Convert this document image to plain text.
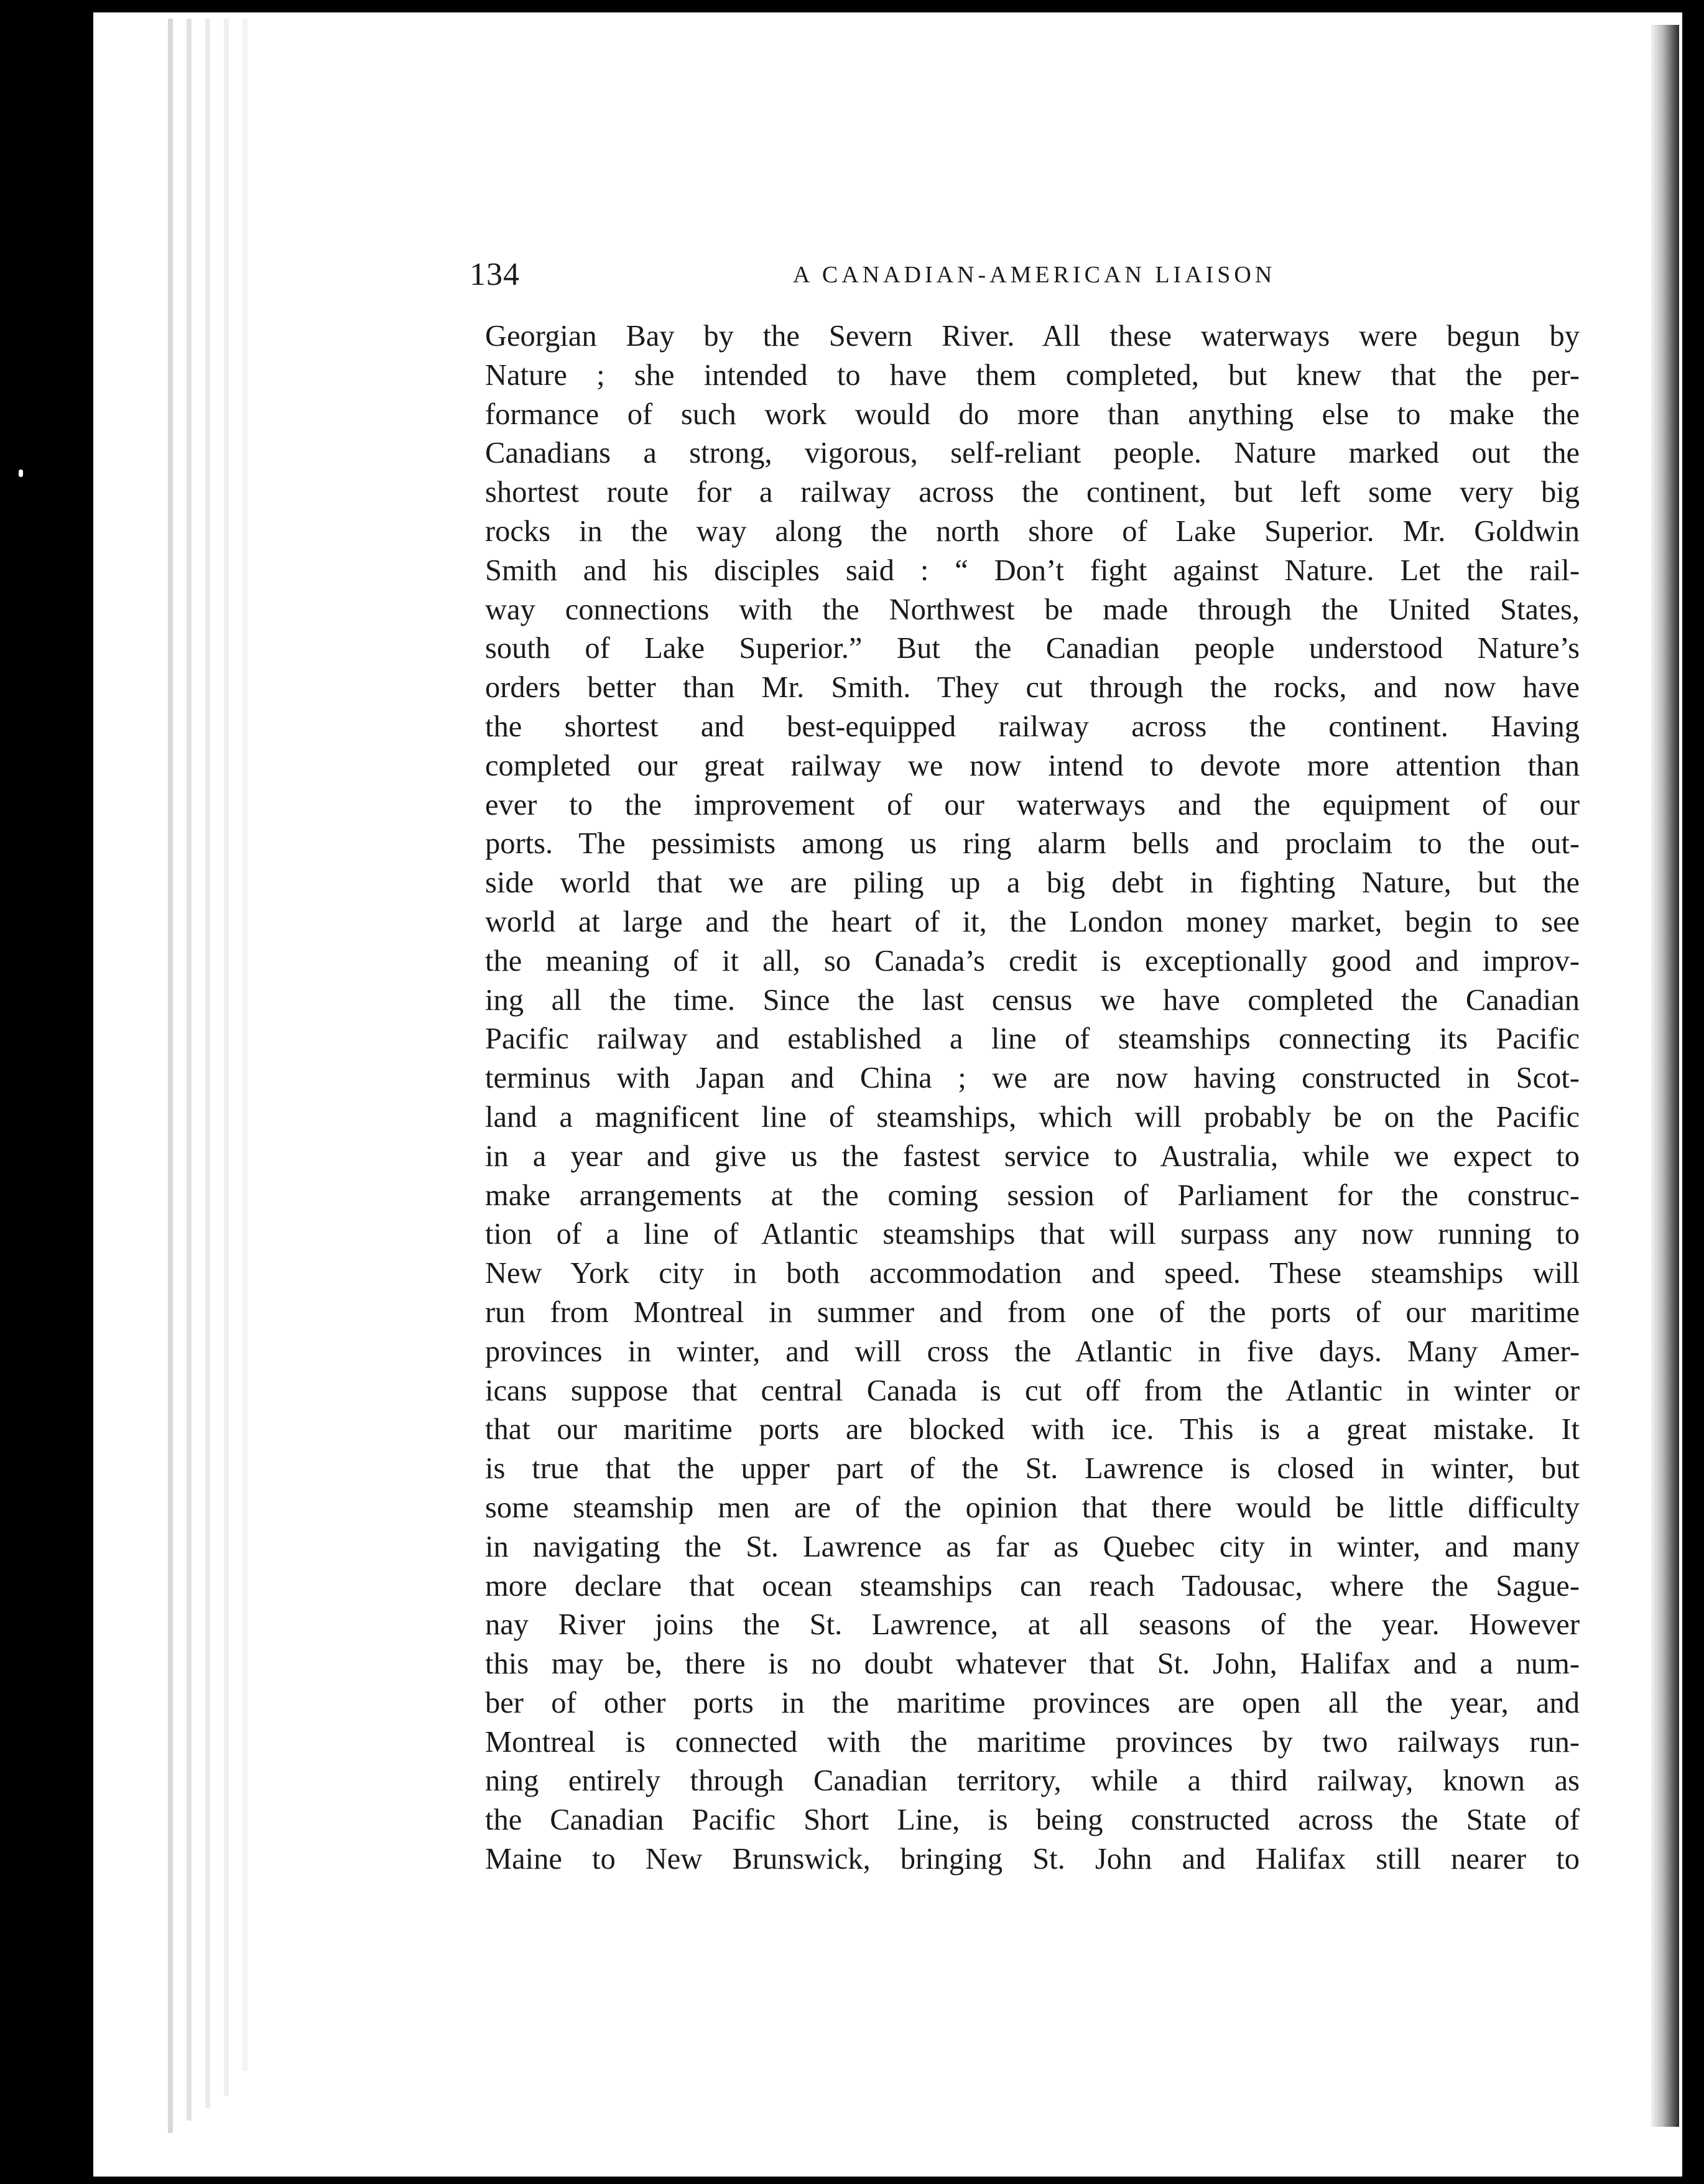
134	A CANADIAN-AMERICAN LIAISON
Georgian Bay by the Severn River. All these waterways were begun by
Nature ; she intended to have them completed, but knew that the per-
formance of such work would do more than anything else to make the
Canadians a strong, vigorous, self-reliant people. Nature marked out the
shortest route for a railway across the continent, but left some very big
rocks in the way along the north shore of Lake Superior. Mr. Goldwin
Smith and his disciples said : “ Don’t fight against Nature. Let the rail-
way connections with the Northwest be made through the United States,
south of Lake Superior.” But the Canadian people understood Nature’s
orders better than Mr. Smith. They cut through the rocks, and now have
the shortest and best-equipped railway across the continent. Having
completed our great railway we now intend to devote more attention than
ever to the improvement of our waterways and the equipment of our
ports. The pessimists among us ring alarm bells and proclaim to the out-
side world that we are piling up a big debt in fighting Nature, but the
world at large and the heart of it, the London money market, begin to see
the meaning of it all, so Canada’s credit is exceptionally good and improv-
ing all the time. Since the last census we have completed the Canadian
Pacific railway and established a line of steamships connecting its Pacific
terminus with Japan and China ; we are now having constructed in Scot-
land a magnificent line of steamships, which will probably be on the Pacific
in a year and give us the fastest service to Australia, while we expect to
make arrangements at the coming session of Parliament for the construc-
tion of a line of Atlantic steamships that will surpass any now running to
New York city in both accommodation and speed. These steamships will
run from Montreal in summer and from one of the ports of our maritime
provinces in winter, and will cross the Atlantic in five days. Many Amer-
icans suppose that central Canada is cut off from the Atlantic in winter or
that our maritime ports are blocked with ice. This is a great mistake. It
is true that the upper part of the St. Lawrence is closed in winter, but
some steamship men are of the opinion that there would be little difficulty
in navigating the St. Lawrence as far as Quebec city in winter, and many
more declare that ocean steamships can reach Tadousac, where the Sague-
nay River joins the St. Lawrence, at all seasons of the year. However
this may be, there is no doubt whatever that St. John, Halifax and a num-
ber of other ports in the maritime provinces are open all the year, and
Montreal is connected with the maritime provinces by two railways run-
ning entirely through Canadian territory, while a third railway, known as
the Canadian Pacific Short Line, is being constructed across the State of
Maine to New Brunswick, bringing St. John and Halifax still nearer to
